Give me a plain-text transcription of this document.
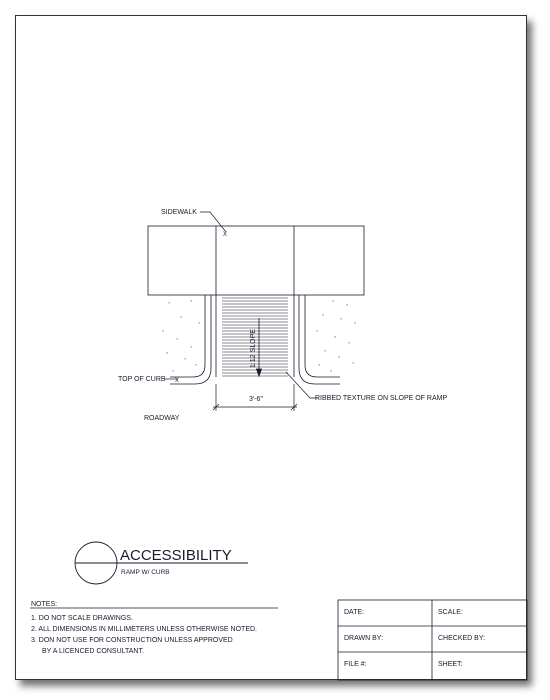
1:12 SLOPE
3'-6"
X
X
SIDEWALK
TOP OF CURB
ROADWAY
RIBBED TEXTURE ON SLOPE OF RAMP
ˬ	ˬ
ˬ
ˬ
ˬ
ˬ
ˬ
ˬ
ˬ
ˬ
ˬ
ˬ
ˬ
ˬ
ˬ
ˬ
ˬ
ˬ
ˬ
ˬ
ˬ
ˬ
ˬ
ˬ
ACCESSIBILITY
RAMP W/ CURB
NOTES:
1. DO NOT SCALE DRAWINGS.
2. ALL DIMENSIONS IN MILLIMETERS UNLESS OTHERWISE NOTED.
3. DON NOT USE FOR CONSTRUCTION UNLESS APPROVED
BY A LICENCED CONSULTANT.
DATE:	SCALE:
DRAWN BY:	CHECKED BY:
FILE #:	SHEET:
